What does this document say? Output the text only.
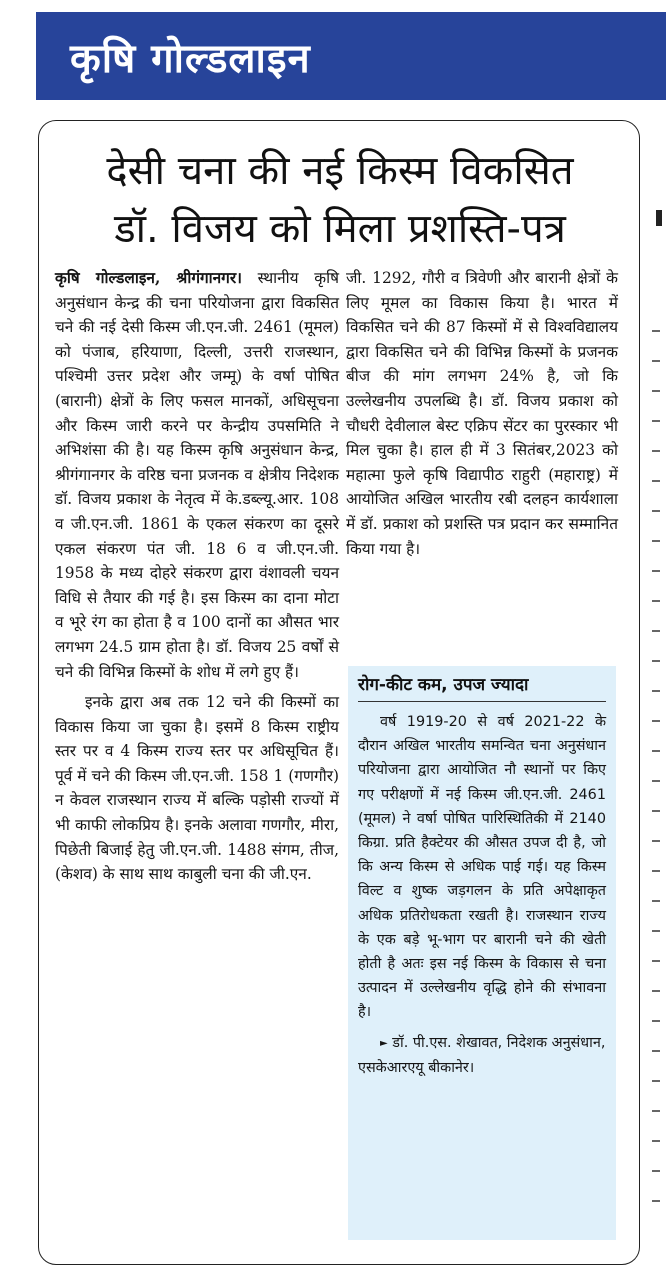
कृषि गोल्डलाइन
देसी चना की नई किस्म विकसित
डॉ. विजय को मिला प्रशस्ति-पत्र

कृषि गोल्डलाइन, श्रीगंगानगर। स्थानीय कृषि अनुसंधान केन्द्र की चना परियोजना द्वारा विकसित चने की नई देसी किस्म जी.एन.जी. 2461 (मूमल) को पंजाब, हरियाणा, दिल्ली, उत्तरी राजस्थान, पश्चिमी उत्तर प्रदेश और जम्मू) के वर्षा पोषित (बारानी) क्षेत्रों के लिए फसल मानकों, अधिसूचना और किस्म जारी करने पर केन्द्रीय उपसमिति ने अभिशंसा की है। यह किस्म कृषि अनुसंधान केन्द्र, श्रीगंगानगर के वरिष्ठ चना प्रजनक व क्षेत्रीय निदेशक डॉ. विजय प्रकाश के नेतृत्व में के.डब्ल्यू.आर. 108 व जी.एन.जी. 1861 के एकल संकरण का दूसरे एकल संकरण पंत जी. 18 6 व जी.एन.जी. 1958 के मध्य दोहरे संकरण द्वारा वंशावली चयन विधि से तैयार की गई है। इस किस्म का दाना मोटा व भूरे रंग का होता है व 100 दानों का औसत भार लगभग 24.5 ग्राम होता है। डॉ. विजय 25 वर्षों से चने की विभिन्न किस्मों के शोध में लगे हुए हैं।

इनके द्वारा अब तक 12 चने की किस्मों का विकास किया जा चुका है। इसमें 8 किस्म राष्ट्रीय स्तर पर व 4 किस्म राज्य स्तर पर अधिसूचित हैं। पूर्व में चने की किस्म जी.एन.जी. 158 1 (गणगौर) न केवल राजस्थान राज्य में बल्कि पड़ोसी राज्यों में भी काफी लोकप्रिय है। इनके अलावा गणगौर, मीरा, पिछेती बिजाई हेतु जी.एन.जी. 1488 संगम, तीज, (केशव) के साथ साथ काबुली चना की जी.एन.

जी. 1292, गौरी व त्रिवेणी और बारानी क्षेत्रों के लिए मूमल का विकास किया है। भारत में विकसित चने की 87 किस्मों में से विश्वविद्यालय द्वारा विकसित चने की विभिन्न किस्मों के प्रजनक बीज की मांग लगभग 24% है, जो कि उल्लेखनीय उपलब्धि है। डॉ. विजय प्रकाश को चौधरी देवीलाल बेस्ट एक्रिप सेंटर का पुरस्कार भी मिल चुका है। हाल ही में 3 सितंबर,2023 को महात्मा फुले कृषि विद्यापीठ राहुरी (महाराष्ट्र) में आयोजित अखिल भारतीय रबी दलहन कार्यशाला में डॉ. प्रकाश को प्रशस्ति पत्र प्रदान कर सम्मानित किया गया है।

रोग-कीट कम, उपज ज्यादा
वर्ष 1919-20 से वर्ष 2021-22 के दौरान अखिल भारतीय समन्वित चना अनुसंधान परियोजना द्वारा आयोजित नौ स्थानों पर किए गए परीक्षणों में नई किस्म जी.एन.जी. 2461 (मूमल) ने वर्षा पोषित पारिस्थितिकी में 2140 किग्रा. प्रति हैक्टेयर की औसत उपज दी है, जो कि अन्य किस्म से अधिक पाई गई। यह किस्म विल्ट व शुष्क जड़गलन के प्रति अपेक्षाकृत अधिक प्रतिरोधकता रखती है। राजस्थान राज्य के एक बड़े भू-भाग पर बारानी चने की खेती होती है अतः इस नई किस्म के विकास से चना उत्पादन में उल्लेखनीय वृद्धि होने की संभावना है।
► डॉ. पी.एस. शेखावत, निदेशक अनुसंधान, एसकेआरएयू बीकानेर।
